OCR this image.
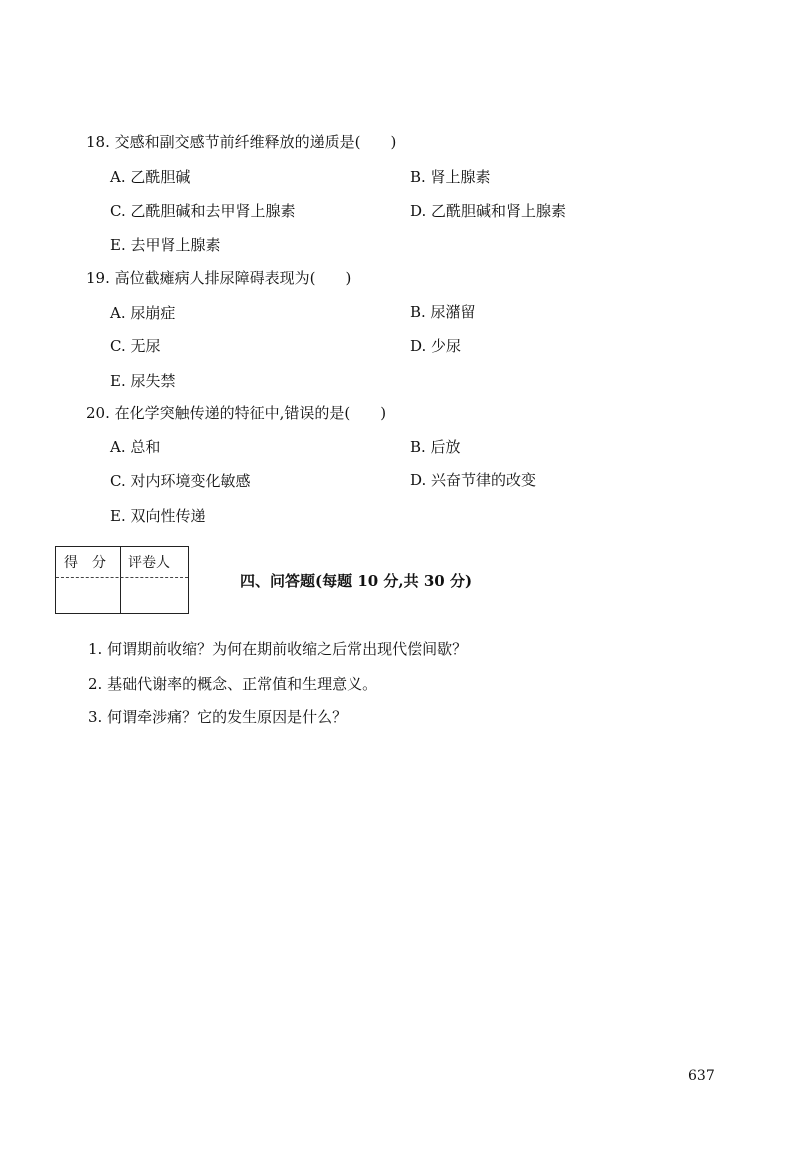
18. 交感和副交感节前纤维释放的递质是(　　)
A. 乙酰胆碱	B. 肾上腺素
C. 乙酰胆碱和去甲肾上腺素	D. 乙酰胆碱和肾上腺素
E. 去甲肾上腺素
19. 高位截瘫病人排尿障碍表现为(　　)
A. 尿崩症	B. 尿潴留
C. 无尿	D. 少尿
E. 尿失禁
20. 在化学突触传递的特征中,错误的是(　　)
A. 总和	B. 后放
C. 对内环境变化敏感	D. 兴奋节律的改变
E. 双向性传递
得　分 评卷人
四、问答题(每题 10 分,共 30 分)
1. 何谓期前收缩？为何在期前收缩之后常出现代偿间歇？
2. 基础代谢率的概念、正常值和生理意义。
3. 何谓牵涉痛？它的发生原因是什么？
637
